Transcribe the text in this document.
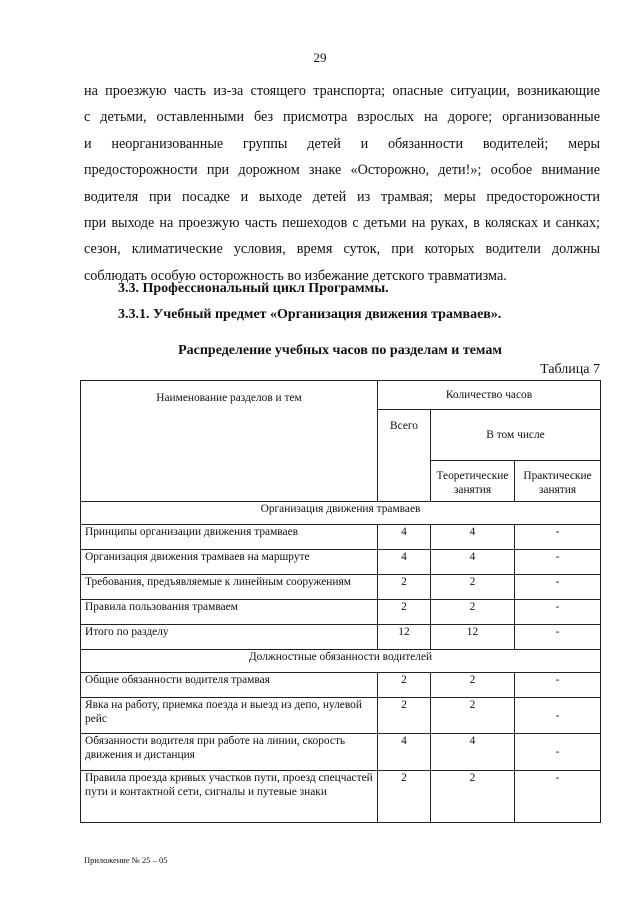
29
на проезжую часть из-за стоящего транспорта; опасные ситуации, возникающие
с детьми, оставленными без присмотра взрослых на дороге; организованные
и неорганизованные группы детей и обязанности водителей; меры
предосторожности при дорожном знаке «Осторожно, дети!»; особое внимание
водителя при посадке и выходе детей из трамвая; меры предосторожности
при выходе на проезжую часть пешеходов с детьми на руках, в колясках и санках;
сезон, климатические условия, время суток, при которых водители должны
соблюдать особую осторожность во избежание детского травматизма.
3.3. Профессиональный цикл Программы.
3.3.1. Учебный предмет «Организация движения трамваев».
Распределение учебных часов по разделам и темам
Таблица 7
Наименование разделов и тем	Количество часов		
	Всего	В том числе	
		Теоретические занятия	Практические занятия
Организация движения трамваев			
Принципы организации движения трамваев	4	4	-
Организация движения трамваев на маршруте	4	4	-
Требования, предъявляемые к линейным сооружениям	2	2	-
Правила пользования трамваем	2	2	-
Итого по разделу	12	12	-
Должностные обязанности водителей			
Общие обязанности водителя трамвая	2	2	-
Явка на работу, приемка поезда и выезд из депо, нулевой рейс	2	2	-
Обязанности водителя при работе на линии, скорость движения и дистанция	4	4	-
Правила проезда кривых участков пути, проезд спецчастей пути и контактной сети, сигналы и путевые знаки	2	2	-
Приложение № 25 – 05
